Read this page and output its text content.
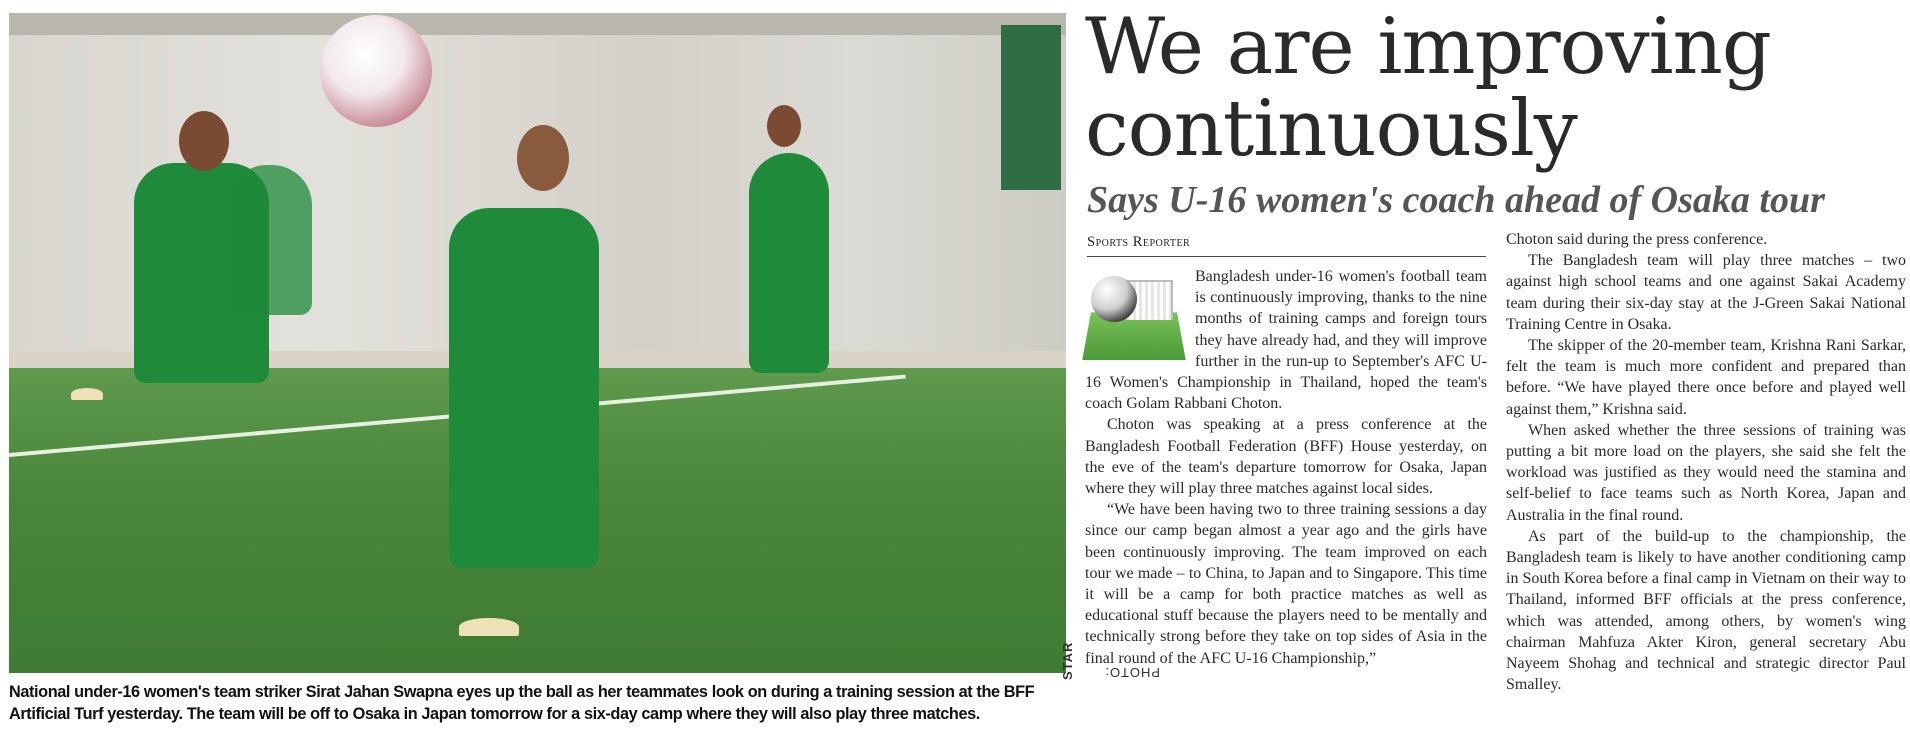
PHOTO:
STAR
National under-16 women's team striker Sirat Jahan Swapna eyes up the ball as her teammates look on during a training session at the BFF Artificial Turf yesterday. The team will be off to Osaka in Japan tomorrow for a six-day camp where they will also play three matches.
We are improving
continuously
Says U-16 women's coach ahead of Osaka tour
Sports Reporter

Bangladesh under-16 women's football team is continuously improving, thanks to the nine months of training camps and foreign tours they have already had, and they will improve further in the run-up to September's AFC U-16 Women's Championship in Thailand, hoped the team's coach Golam Rabbani Choton.

Choton was speaking at a press conference at the Bangladesh Football Federation (BFF) House yesterday, on the eve of the team's departure tomorrow for Osaka, Japan where they will play three matches against local sides.

“We have been having two to three training sessions a day since our camp began almost a year ago and the girls have been continuously improving. The team improved on each tour we made – to China, to Japan and to Singapore. This time it will be a camp for both practice matches as well as educational stuff because the players need to be mentally and technically strong before they take on top sides of Asia in the final round of the AFC U-16 Championship,”

Choton said during the press conference.

The Bangladesh team will play three matches – two against high school teams and one against Sakai Academy team during their six-day stay at the J-Green Sakai National Training Centre in Osaka.

The skipper of the 20-member team, Krishna Rani Sarkar, felt the team is much more confident and prepared than before. “We have played there once before and played well against them,” Krishna said.

When asked whether the three sessions of training was putting a bit more load on the players, she said she felt the workload was justified as they would need the stamina and self-belief to face teams such as North Korea, Japan and Australia in the final round.

As part of the build-up to the championship, the Bangladesh team is likely to have another conditioning camp in South Korea before a final camp in Vietnam on their way to Thailand, informed BFF officials at the press conference, which was attended, among others, by women's wing chairman Mahfuza Akter Kiron, general secretary Abu Nayeem Shohag and technical and strategic director Paul Smalley.
